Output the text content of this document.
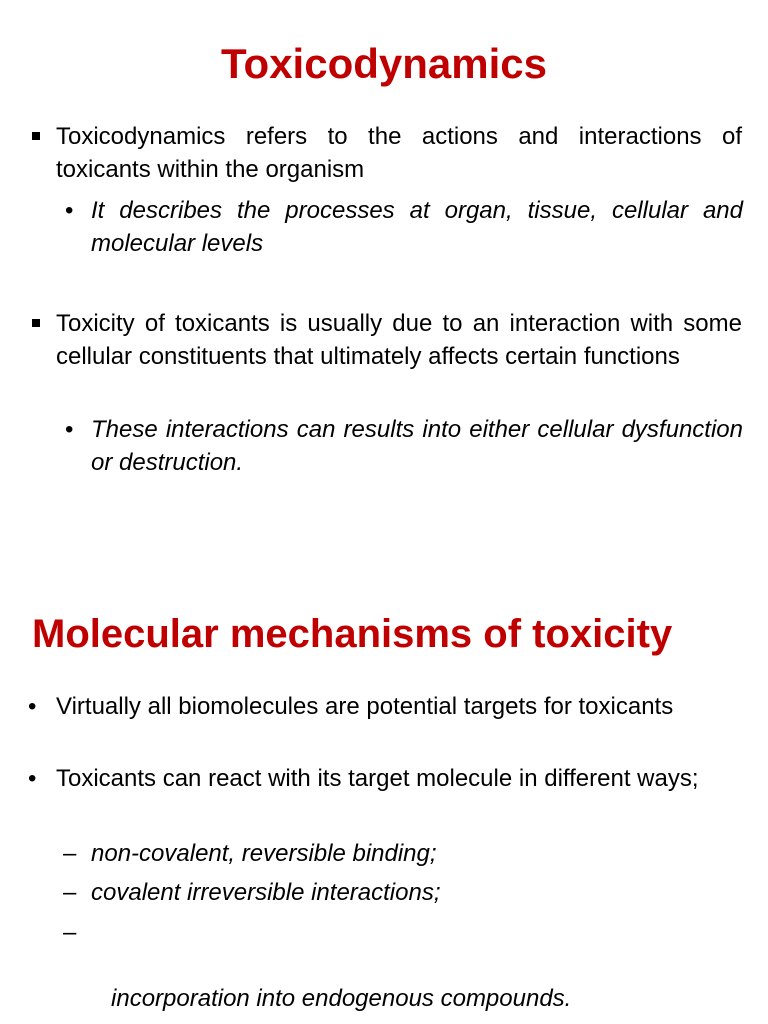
Toxicodynamics
Toxicodynamics refers to the actions and interactions of toxicants within the organism
• It describes the processes at organ, tissue, cellular and molecular levels
Toxicity of toxicants is usually due to an interaction with some cellular constituents that ultimately affects certain functions
• These interactions can results into either cellular dysfunction or destruction.
Molecular mechanisms of toxicity
• Virtually all biomolecules are potential targets for toxicants
• Toxicants can react with its target molecule in different ways;
– non-covalent, reversible binding;
– covalent irreversible interactions;

–

incorporation into endogenous compounds.
